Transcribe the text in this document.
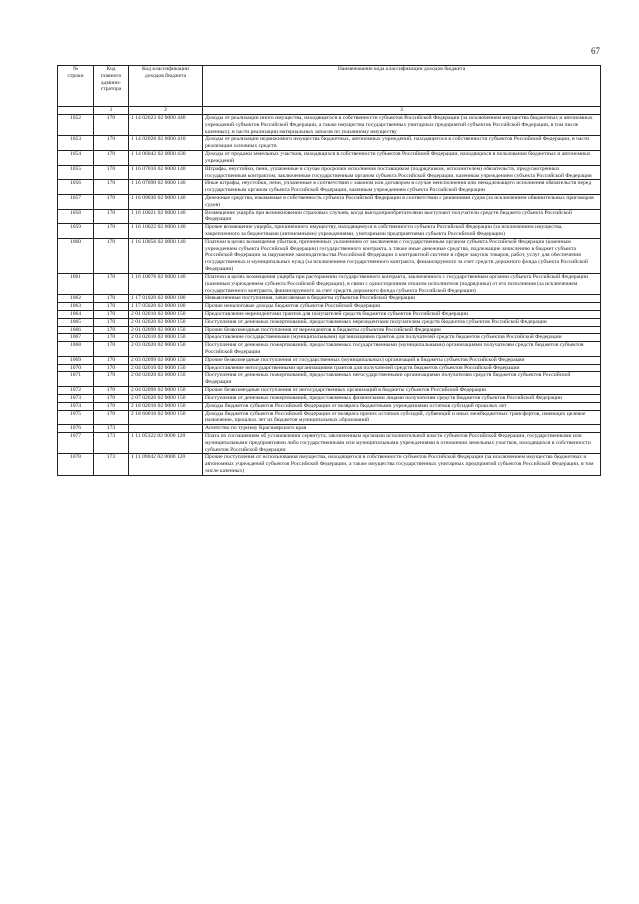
67
№
строки	Код
главного
админи-
стратора	Код классификации
доходов бюджета	Наименование кода классификации доходов бюджета
	1	2	3
1052	170	1 14 02023 02 0000 440	Доходы от реализации иного имущества, находящегося в собственности субъектов Российской Федерации (за исключением имущества бюджетных и автономных учреждений субъектов Российской Федерации, а также имущества государственных унитарных предприятий субъектов Российской Федерации, в том числе казенных), в части реализации материальных запасов по указанному имуществу
1053	170	1 14 02028 02 0000 410	Доходы от реализации недвижимого имущества бюджетных, автономных учреждений, находящегося в собственности субъектов Российской Федерации, в части реализации основных средств
1054	170	1 14 06042 02 0000 430	Доходы от продажи земельных участков, находящихся в собственности субъектов Российской Федерации, находящихся в пользовании бюджетных и автономных учреждений
1055	170	1 16 07010 02 0000 140	Штрафы, неустойки, пени, уплаченные в случае просрочки исполнения поставщиком (подрядчиком, исполнителем) обязательств, предусмотренных государственным контрактом, заключенным государственным органом субъекта Российской Федерации, казенным учреждением субъекта Российской Федерации
1056	170	1 16 07090 02 0000 140	Иные штрафы, неустойки, пени, уплаченные в соответствии с законом или договором в случае неисполнения или ненадлежащего исполнения обязательств перед государственным органом субъекта Российской Федерации, казенным учреждением субъекта Российской Федерации
1057	170	1 16 09030 02 0000 140	Денежные средства, изымаемые в собственность субъекта Российской Федерации в соответствии с решениями судов (за исключением обвинительных приговоров судов)
1058	170	1 16 10021 02 0000 140	Возмещение ущерба при возникновении страховых случаев, когда выгодоприобретателями выступают получатели средств бюджета субъекта Российской Федерации
1059	170	1 16 10022 02 0000 140	Прочее возмещение ущерба, причиненного имуществу, находящемуся в собственности субъекта Российской Федерации (за исключением имущества, закрепленного за бюджетными (автономными) учреждениями, унитарными предприятиями субъекта Российской Федерации)
1060	170	1 16 10056 02 0000 140	Платежи в целях возмещения убытков, причиненных уклонением от заключения с государственным органом субъекта Российской Федерации (казенным учреждением субъекта Российской Федерации) государственного контракта, а также иные денежные средства, подлежащие зачислению в бюджет субъекта Российской Федерации за нарушение законодательства Российской Федерации о контрактной системе в сфере закупок товаров, работ, услуг для обеспечения государственных и муниципальных нужд (за исключением государственного контракта, финансируемого за счет средств дорожного фонда субъекта Российской Федерации)
1061	170	1 16 10076 02 0000 140	Платежи в целях возмещения ущерба при расторжении государственного контракта, заключенного с государственным органом субъекта Российской Федерации (казенным учреждением субъекта Российской Федерации), в связи с односторонним отказом исполнителя (подрядчика) от его исполнения (за исключением государственного контракта, финансируемого за счет средств дорожного фонда субъекта Российской Федерации)
1062	170	1 17 01020 02 0000 180	Невыясненные поступления, зачисляемые в бюджеты субъектов Российской Федерации
1063	170	1 17 05020 02 0000 180	Прочие неналоговые доходы бюджетов субъектов Российской Федерации
1064	170	2 01 02010 02 0000 150	Предоставление нерезидентами грантов для получателей средств бюджетов субъектов Российской Федерации
1065	170	2 01 02020 02 0000 150	Поступления от денежных пожертвований, предоставляемых нерезидентами получателям средств бюджетов субъектов Российской Федерации
1066	170	2 01 02099 02 0000 150	Прочие безвозмездные поступления от нерезидентов в бюджеты субъектов Российской Федерации
1067	170	2 03 02010 02 0000 150	Предоставление государственными (муниципальными) организациями грантов для получателей средств бюджетов субъектов Российской Федерации
1068	170	2 03 02020 02 0000 150	Поступления от денежных пожертвований, предоставляемых государственными (муниципальными) организациями получателям средств бюджетов субъектов Российской Федерации
1069	170	2 03 02099 02 0000 150	Прочие безвозмездные поступления от государственных (муниципальных) организаций в бюджеты субъектов Российской Федерации
1070	170	2 04 02010 02 0000 150	Предоставление негосударственными организациями грантов для получателей средств бюджетов субъектов Российской Федерации
1071	170	2 04 02020 02 0000 150	Поступления от денежных пожертвований, предоставляемых негосударственными организациями получателям средств бюджетов субъектов Российской Федерации
1072	170	2 04 02099 02 0000 150	Прочие безвозмездные поступления от негосударственных организаций в бюджеты субъектов Российской Федерации
1073	170	2 07 02020 02 0000 150	Поступления от денежных пожертвований, предоставляемых физическими лицами получателям средств бюджетов субъектов Российской Федерации
1074	170	2 18 02010 02 0000 150	Доходы бюджетов субъектов Российской Федерации от возврата бюджетными учреждениями остатков субсидий прошлых лет
1075	170	2 18 60010 02 0000 150	Доходы бюджетов субъектов Российской Федерации от возврата прочих остатков субсидий, субвенций и иных межбюджетных трансфертов, имеющих целевое назначение, прошлых лет из бюджетов муниципальных образований
1076	173		Агентство по туризму Красноярского края
1077	173	1 11 05322 02 0000 120	Плата по соглашениям об установлении сервитута, заключенным органами исполнительной власти субъектов Российской Федерации, государственными или муниципальными предприятиями либо государственными или муниципальными учреждениями в отношении земельных участков, находящихся в собственности субъектов Российской Федерации
1078	173	1 11 09042 02 0000 120	Прочие поступления от использования имущества, находящегося в собственности субъектов Российской Федерации (за исключением имущества бюджетных и автономных учреждений субъектов Российской Федерации, а также имущества государственных унитарных предприятий субъектов Российской Федерации, в том числе казенных)
